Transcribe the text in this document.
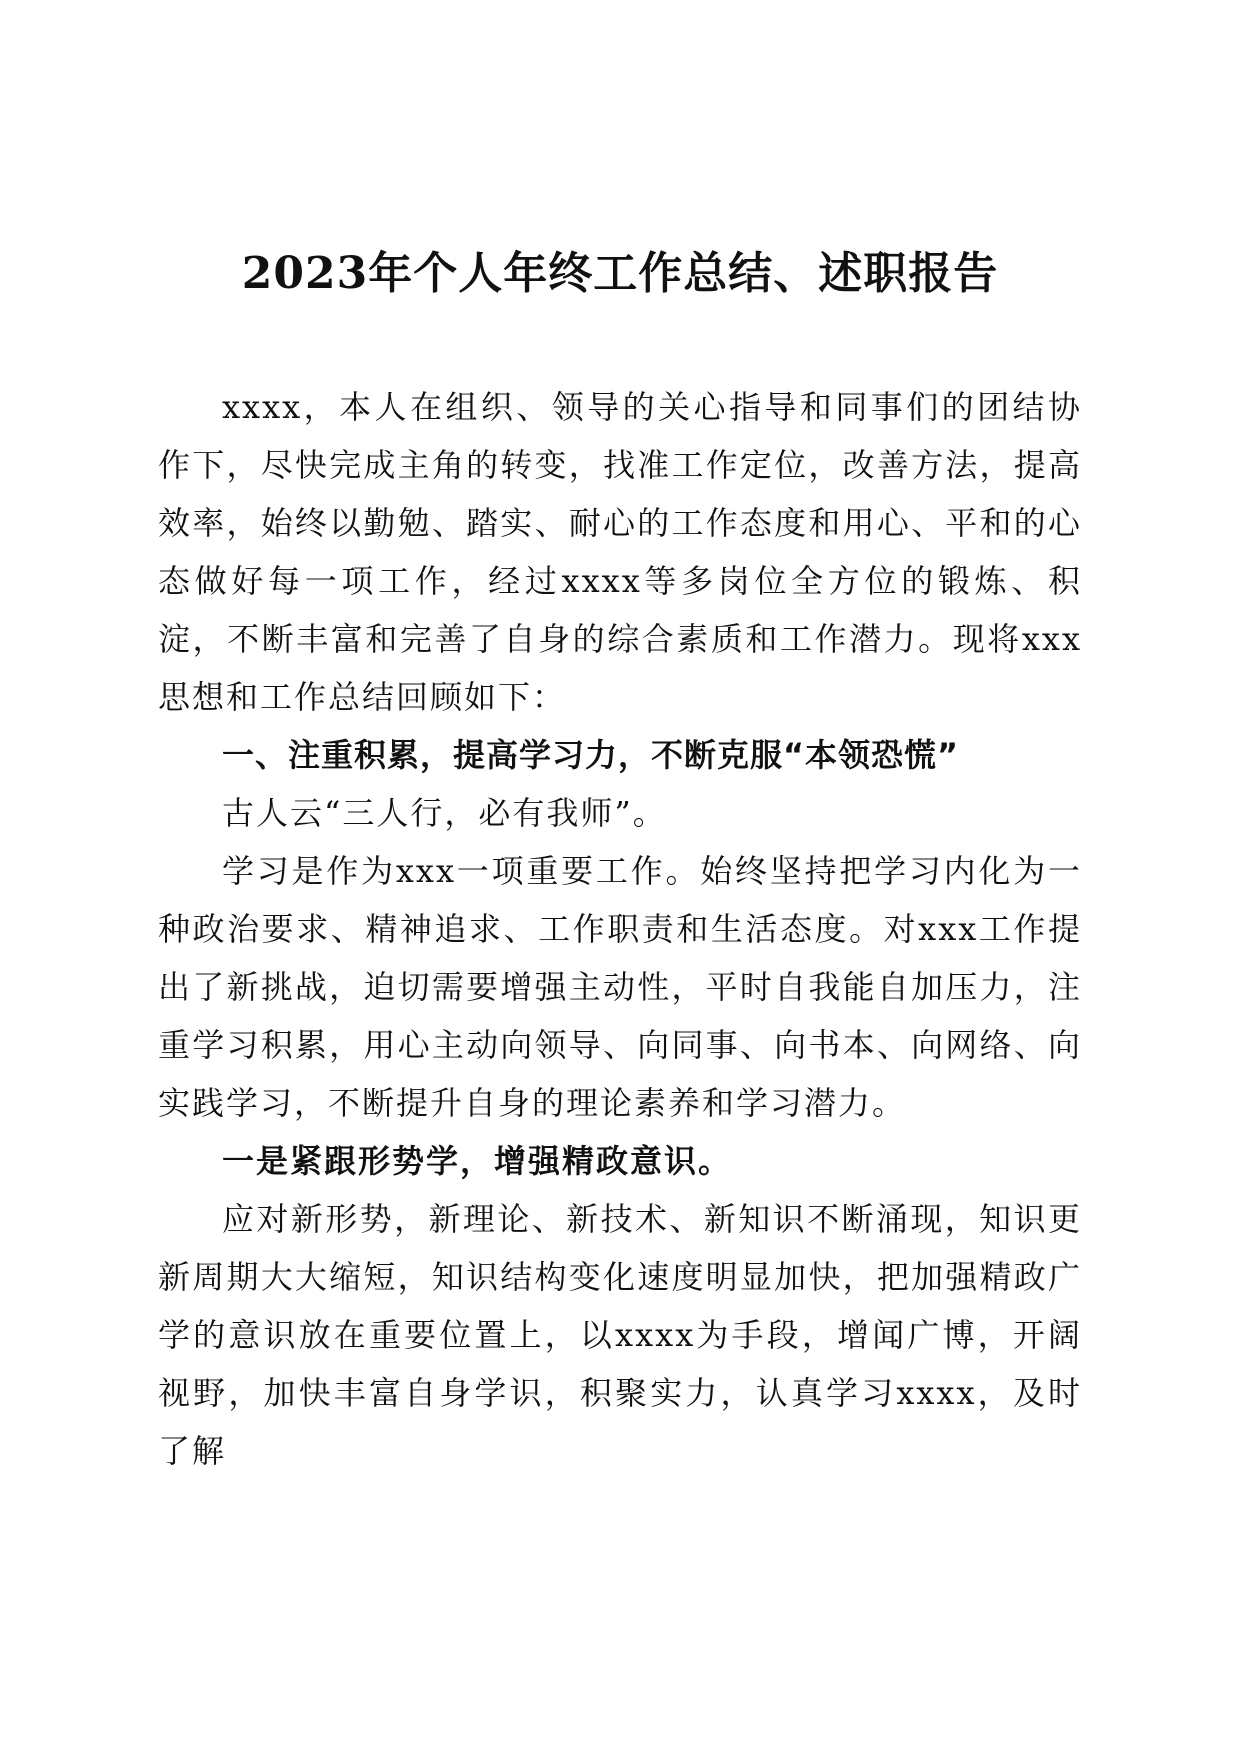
2023年个人年终工作总结、述职报告

xxxx，本人在组织、领导的关心指导和同事们的团结协作下，尽快完成主角的转变，找准工作定位，改善方法，提高效率，始终以勤勉、踏实、耐心的工作态度和用心、平和的心态做好每一项工作，经过xxxx等多岗位全方位的锻炼、积淀，不断丰富和完善了自身的综合素质和工作潜力。现将xxx思想和工作总结回顾如下：

一、注重积累，提高学习力，不断克服“本领恐慌”

古人云“三人行，必有我师”。

学习是作为xxx一项重要工作。始终坚持把学习内化为一种政治要求、精神追求、工作职责和生活态度。对xxx工作提出了新挑战，迫切需要增强主动性，平时自我能自加压力，注重学习积累，用心主动向领导、向同事、向书本、向网络、向实践学习，不断提升自身的理论素养和学习潜力。

一是紧跟形势学，增强精政意识。

应对新形势，新理论、新技术、新知识不断涌现，知识更新周期大大缩短，知识结构变化速度明显加快，把加强精政广学的意识放在重要位置上，以xxxx为手段，增闻广博，开阔视野，加快丰富自身学识，积聚实力，认真学习xxxx，及时了解
